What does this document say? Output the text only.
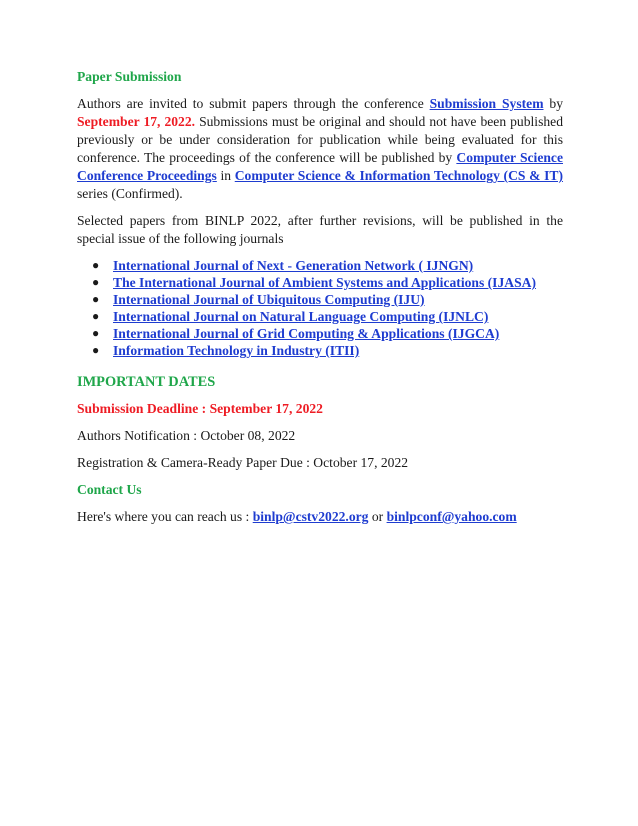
Paper Submission

Authors are invited to submit papers through the conference Submission System by September 17, 2022. Submissions must be original and should not have been published previously or be under consideration for publication while being evaluated for this conference. The proceedings of the conference will be published by Computer Science Conference Proceedings in Computer Science & Information Technology (CS & IT) series (Confirmed).

Selected papers from BINLP 2022, after further revisions, will be published in the special issue of the following journals

● International Journal of Next - Generation Network ( IJNGN)
● The International Journal of Ambient Systems and Applications (IJASA)
● International Journal of Ubiquitous Computing (IJU)
● International Journal on Natural Language Computing (IJNLC)
● International Journal of Grid Computing & Applications (IJGCA)
● Information Technology in Industry (ITII)
IMPORTANT DATES
Submission Deadline : September 17, 2022
Authors Notification : October 08, 2022
Registration & Camera-Ready Paper Due : October 17, 2022
Contact Us
Here's where you can reach us : binlp@cstv2022.org or binlpconf@yahoo.com
